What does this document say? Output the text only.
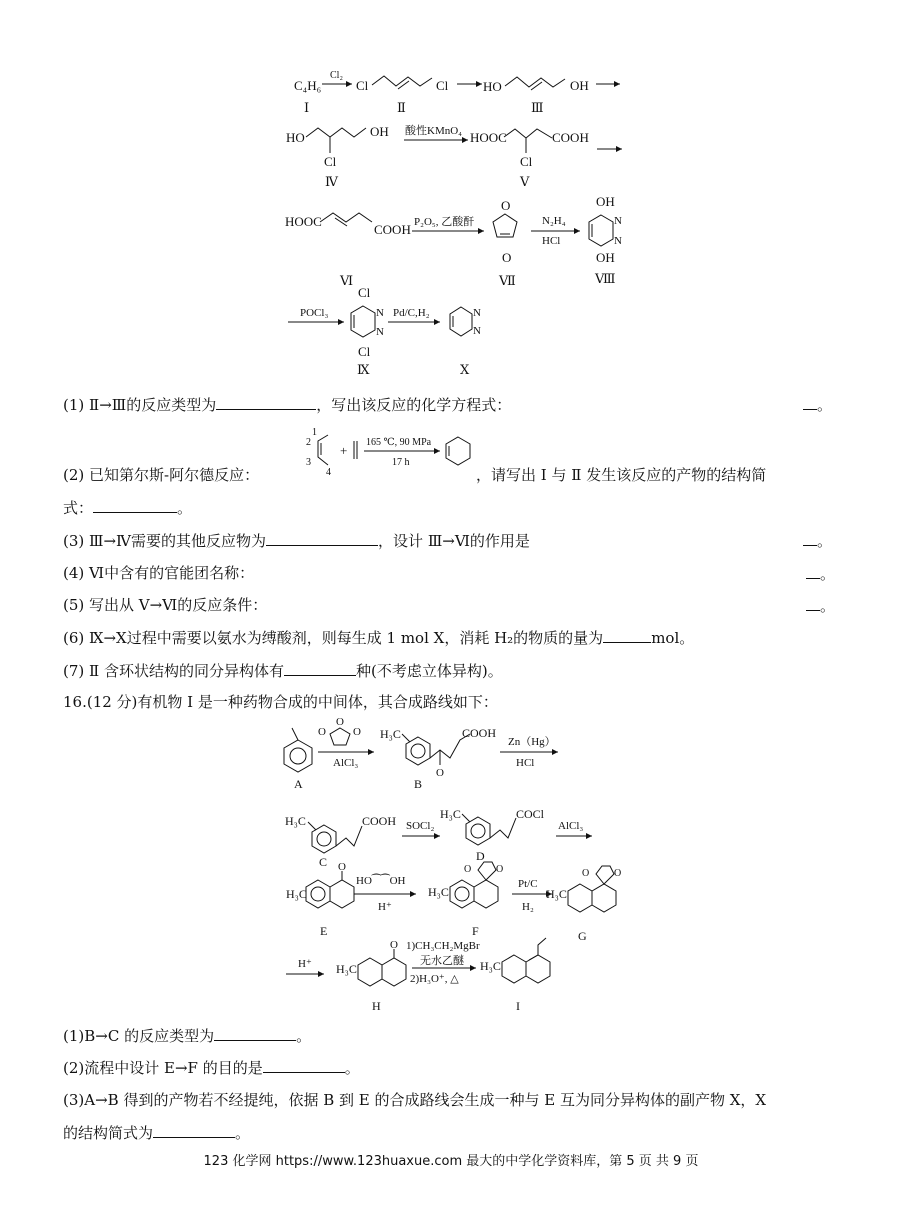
C₄H₆
Ⅰ
Cl₂
Cl	Cl
Ⅱ
HO	OH
Ⅲ
HO
Cl
OH
Ⅳ
酸性KMnO₄ HOOC
Cl
COOH
Ⅴ
HOOC
COOH
Ⅵ
P₂O₅, 乙酸酐
O
O
Ⅶ
N₂H₄
HCl
OH
N
N
OH
Ⅷ
POCl₃
Cl
N
N
Cl
Ⅸ
Pd/C,H₂	N
N
Ⅹ
(1) Ⅱ→Ⅲ的反应类型为	，写出该反应的化学方程式：	。
1
2
3
4
+
165 ℃, 90 MPa
17 h
(2) 已知第尔斯-阿尔德反应：	，请写出 Ⅰ 与 Ⅱ 发生该反应的产物的结构简
式：	。
(3) Ⅲ→Ⅳ需要的其他反应物为	，设计 Ⅲ→Ⅵ的作用是	。
(4) Ⅵ中含有的官能团名称：	。
(5) 写出从 Ⅴ→Ⅵ的反应条件：	。
(6) Ⅸ→Ⅹ过程中需要以氨水为缚酸剂，则每生成 1 mol X，消耗 H₂的物质的量为	mol。
(7) Ⅱ 含环状结构的同分异构体有	种(不考虑立体异构)。
16.(12 分)有机物 I 是一种药物合成的中间体，其合成路线如下：
A
O
O
O
AlCl₃
H₃C
O
COOH
B
Zn（Hg）
HCl
H₃C	COOH
C
SOCl₂
H₃C	COCl
D
AlCl₃
H₃C
O
E
HO⁀⁀OH
H⁺
H₃C
O O
F
Pt/C
H₂
H₃C
O O
G
H⁺ H₃C
O
H
1)CH₃CH₂MgBr
无水乙醚
2)H₃O⁺, △
H₃C
I
(1)B→C 的反应类型为	。
(2)流程中设计 E→F 的目的是	。
(3)A→B 得到的产物若不经提纯，依据 B 到 E 的合成路线会生成一种与 E 互为同分异构体的副产物 X，X
的结构简式为	。
123 化学网 https://www.123huaxue.com 最大的中学化学资料库，第 5 页 共 9 页
